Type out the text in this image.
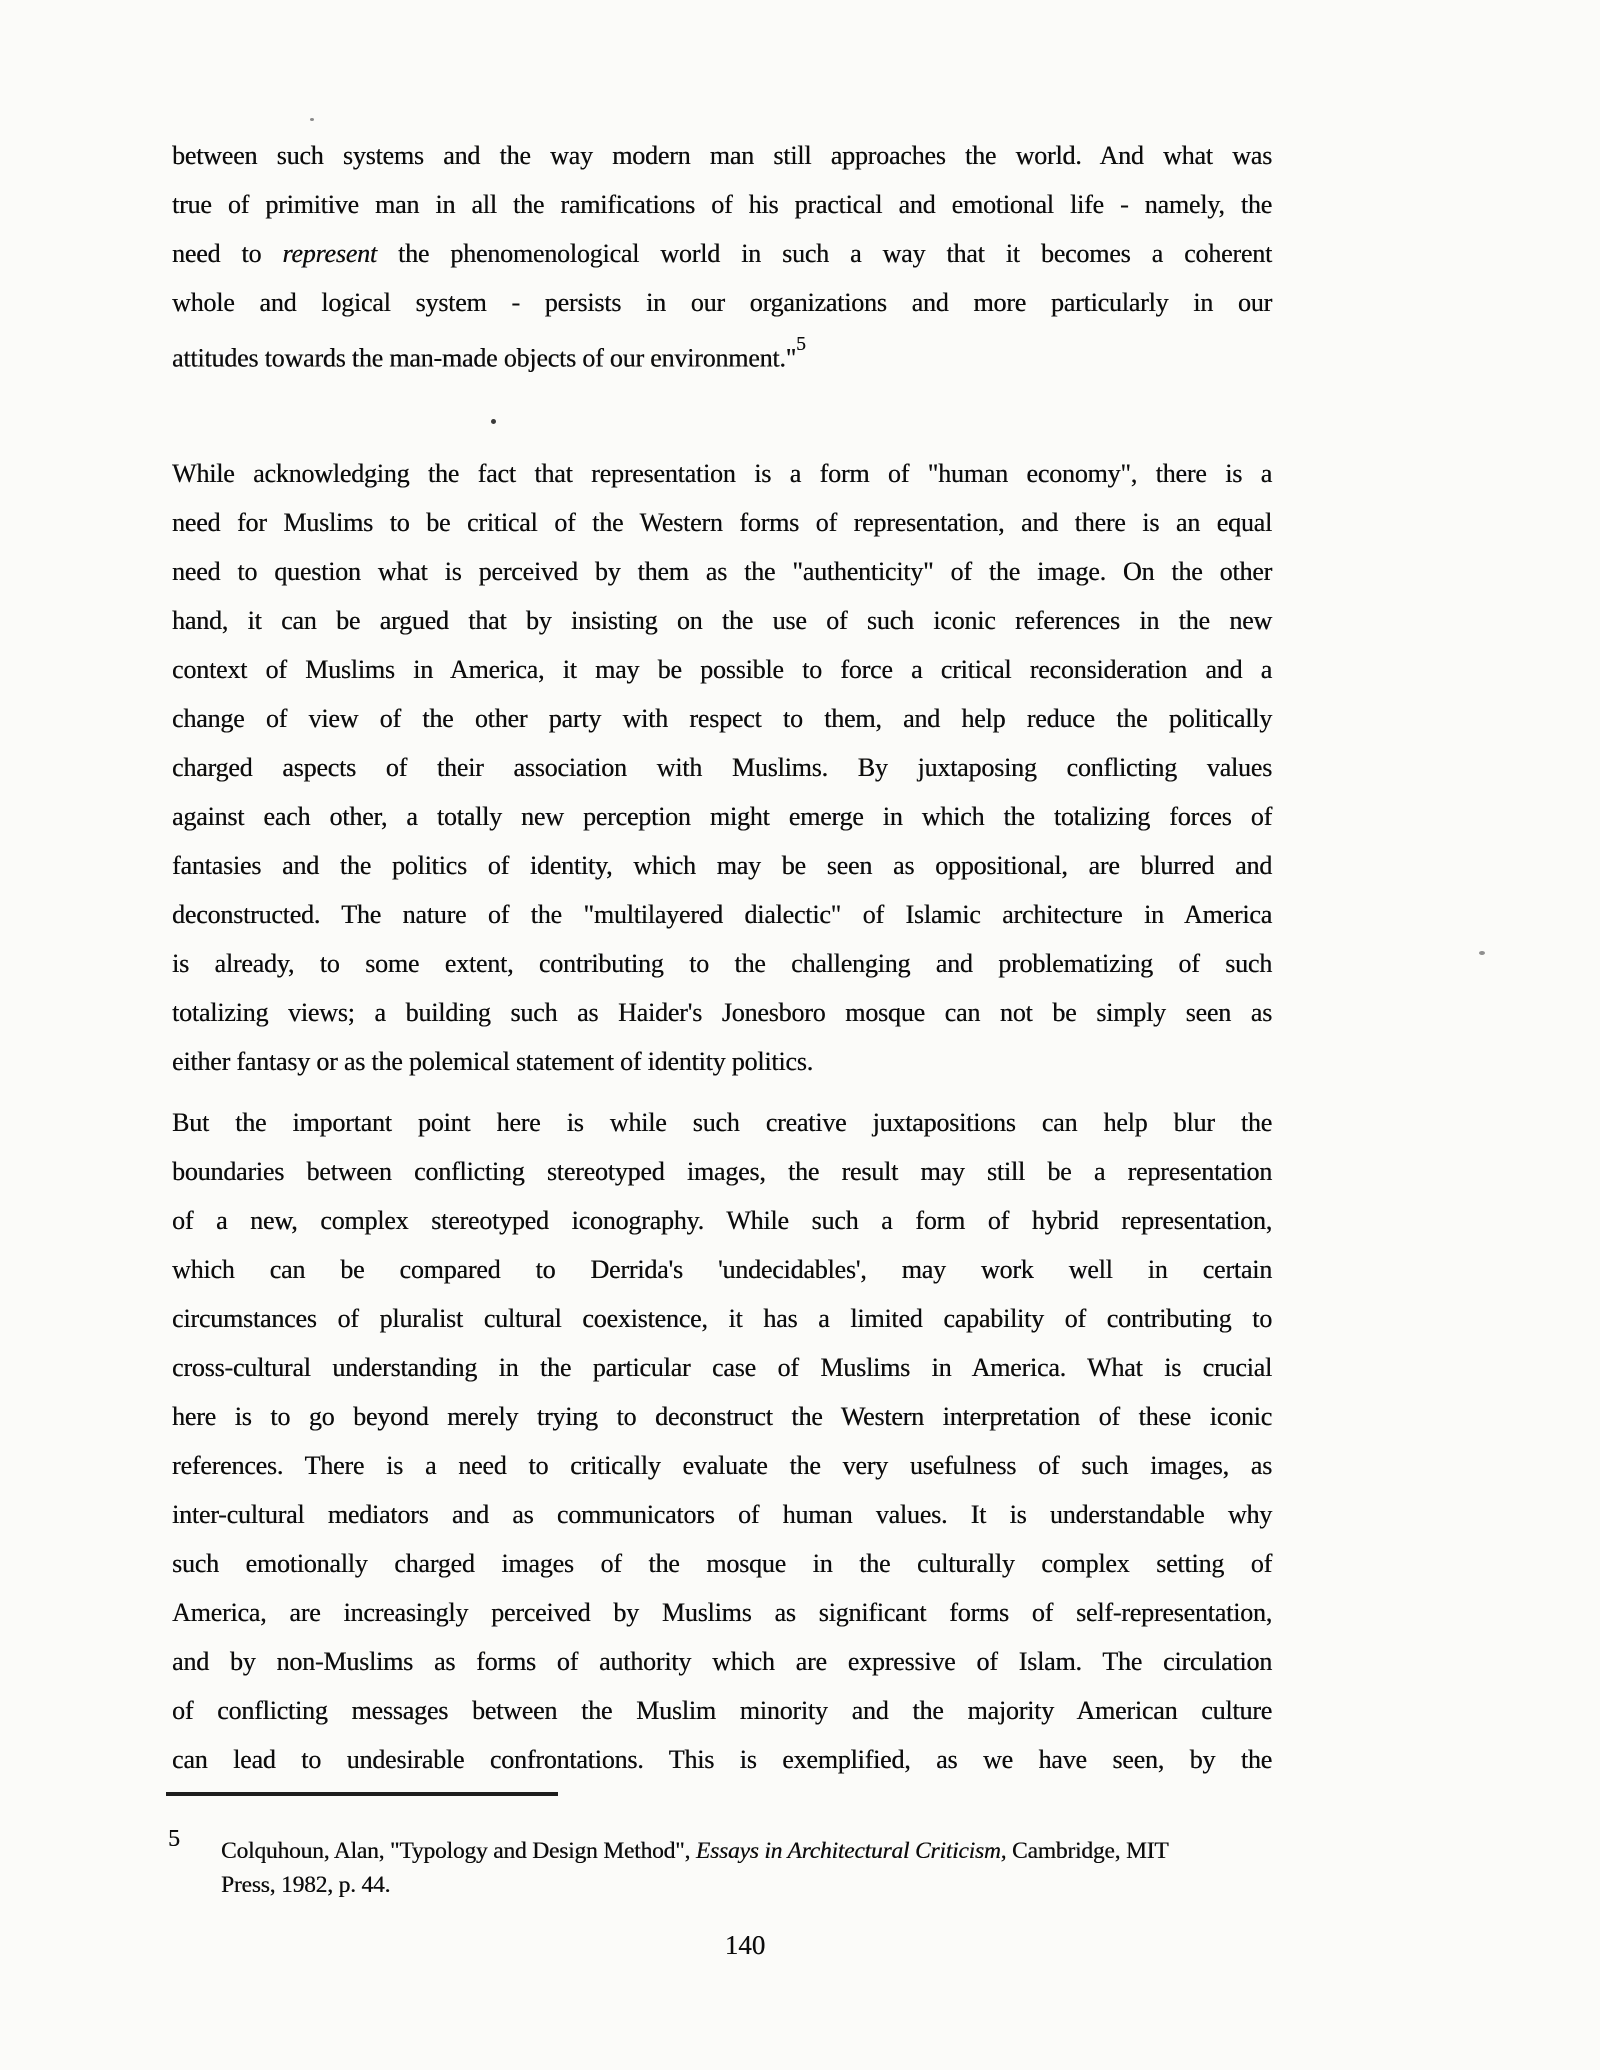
between such systems and the way modern man still approaches the world. And what was
true of primitive man in all the ramifications of his practical and emotional life - namely, the
need to represent the phenomenological world in such a way that it becomes a coherent
whole and logical system - persists in our organizations and more particularly in our
attitudes towards the man-made objects of our environment."$^5$
While acknowledging the fact that representation is a form of "human economy", there is a
need for Muslims to be critical of the Western forms of representation, and there is an equal
need to question what is perceived by them as the "authenticity" of the image. On the other
hand, it can be argued that by insisting on the use of such iconic references in the new
context of Muslims in America, it may be possible to force a critical reconsideration and a
change of view of the other party with respect to them, and help reduce the politically
charged aspects of their association with Muslims. By juxtaposing conflicting values
against each other, a totally new perception might emerge in which the totalizing forces of
fantasies and the politics of identity, which may be seen as oppositional, are blurred and
deconstructed. The nature of the "multilayered dialectic" of Islamic architecture in America
is already, to some extent, contributing to the challenging and problematizing of such
totalizing views; a building such as Haider's Jonesboro mosque can not be simply seen as
either fantasy or as the polemical statement of identity politics.
But the important point here is while such creative juxtapositions can help blur the
boundaries between conflicting stereotyped images, the result may still be a representation
of a new, complex stereotyped iconography. While such a form of hybrid representation,
which can be compared to Derrida's 'undecidables', may work well in certain
circumstances of pluralist cultural coexistence, it has a limited capability of contributing to
cross-cultural understanding in the particular case of Muslims in America. What is crucial
here is to go beyond merely trying to deconstruct the Western interpretation of these iconic
references. There is a need to critically evaluate the very usefulness of such images, as
inter-cultural mediators and as communicators of human values. It is understandable why
such emotionally charged images of the mosque in the culturally complex setting of
America, are increasingly perceived by Muslims as significant forms of self-representation,
and by non-Muslims as forms of authority which are expressive of Islam. The circulation
of conflicting messages between the Muslim minority and the majority American culture
can lead to undesirable confrontations. This is exemplified, as we have seen, by the
5 Colquhoun, Alan, "Typology and Design Method", Essays in Architectural Criticism, Cambridge, MIT
Press, 1982, p. 44.
140
